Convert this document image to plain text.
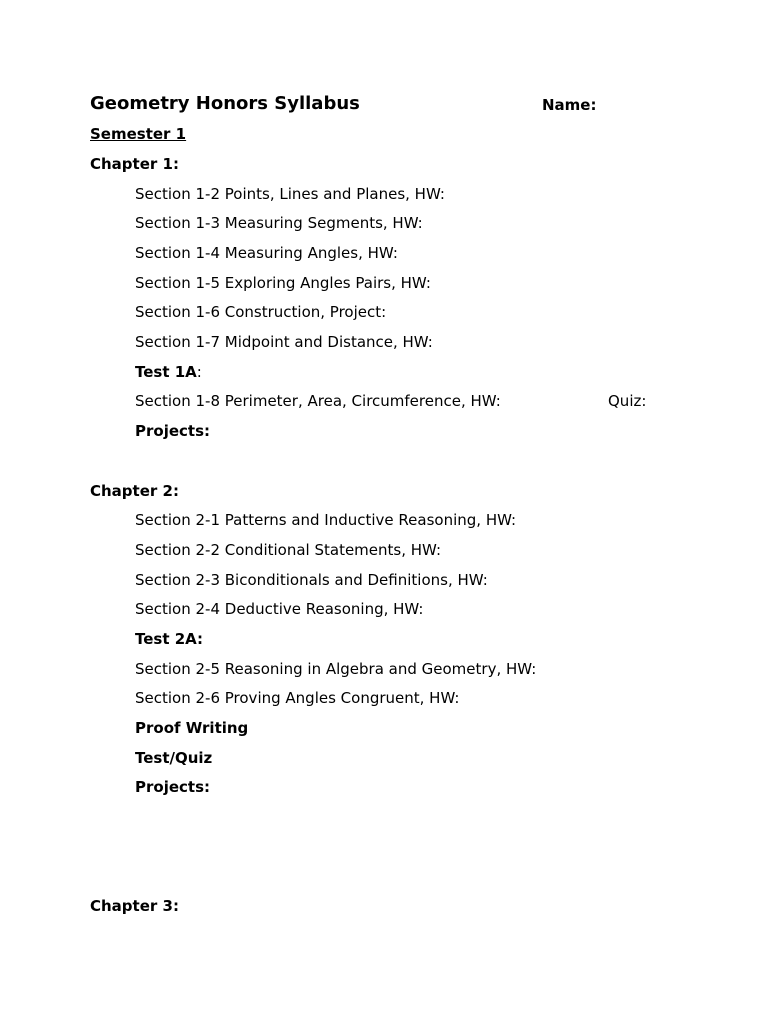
Geometry Honors Syllabus	Name:
Semester 1
Chapter 1:
Section 1-2 Points, Lines and Planes, HW:
Section 1-3 Measuring Segments, HW:
Section 1-4 Measuring Angles, HW:
Section 1-5 Exploring Angles Pairs, HW:
Section 1-6 Construction, Project:
Section 1-7 Midpoint and Distance, HW:
Test 1A:
Section 1-8 Perimeter, Area, Circumference, HW:	Quiz:
Projects:
Chapter 2:
Section 2-1 Patterns and Inductive Reasoning, HW:
Section 2-2 Conditional Statements, HW:
Section 2-3 Biconditionals and Definitions, HW:
Section 2-4 Deductive Reasoning, HW:
Test 2A:
Section 2-5 Reasoning in Algebra and Geometry, HW:
Section 2-6 Proving Angles Congruent, HW:
Proof Writing
Test/Quiz
Projects:
Chapter 3:
